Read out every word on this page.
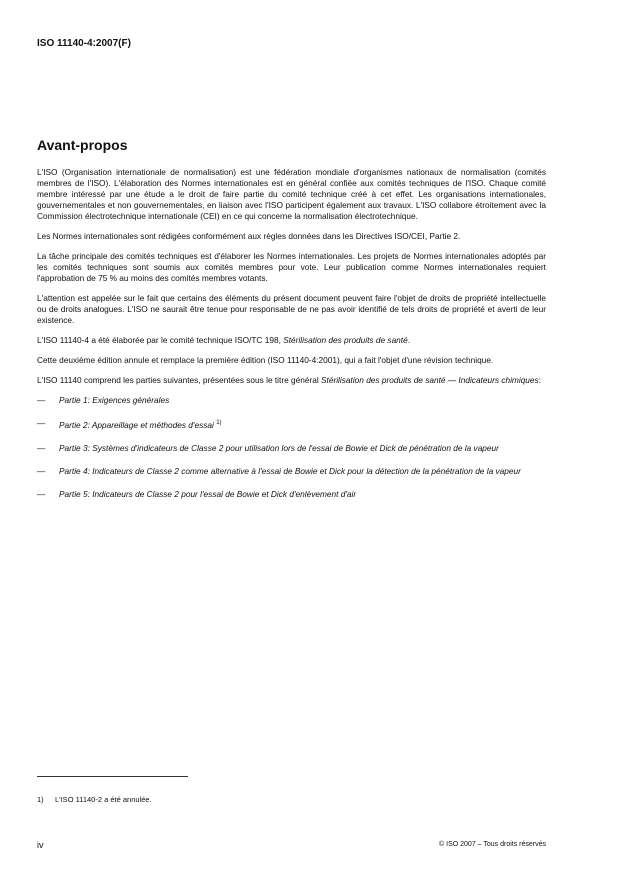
ISO 11140-4:2007(F)
Avant-propos

L'ISO (Organisation internationale de normalisation) est une fédération mondiale d'organismes nationaux de normalisation (comités membres de l'ISO). L'élaboration des Normes internationales est en général confiée aux comités techniques de l'ISO. Chaque comité membre intéressé par une étude a le droit de faire partie du comité technique créé à cet effet. Les organisations internationales, gouvernementales et non gouvernementales, en liaison avec l'ISO participent également aux travaux. L'ISO collabore étroitement avec la Commission électrotechnique internationale (CEI) en ce qui concerne la normalisation électrotechnique.

Les Normes internationales sont rédigées conformément aux règles données dans les Directives ISO/CEI, Partie 2.

La tâche principale des comités techniques est d'élaborer les Normes internationales. Les projets de Normes internationales adoptés par les comités techniques sont soumis aux comités membres pour vote. Leur publication comme Normes internationales requiert l'approbation de 75 % au moins des comités membres votants.

L'attention est appelée sur le fait que certains des éléments du présent document peuvent faire l'objet de droits de propriété intellectuelle ou de droits analogues. L'ISO ne saurait être tenue pour responsable de ne pas avoir identifié de tels droits de propriété et averti de leur existence.

L'ISO 11140-4 a été élaborée par le comité technique ISO/TC 198, Stérilisation des produits de santé.

Cette deuxième édition annule et remplace la première édition (ISO 11140-4:2001), qui a fait l'objet d'une révision technique.

L'ISO 11140 comprend les parties suivantes, présentées sous le titre général Stérilisation des produits de santé — Indicateurs chimiques:

— Partie 1: Exigences générales
— Partie 2: Appareillage et méthodes d'essai $^{1)}$
— Partie 3: Systèmes d'indicateurs de Classe 2 pour utilisation lors de l'essai de Bowie et Dick de pénétration de la vapeur
— Partie 4: Indicateurs de Classe 2 comme alternative à l'essai de Bowie et Dick pour la détection de la pénétration de la vapeur
— Partie 5: Indicateurs de Classe 2 pour l'essai de Bowie et Dick d'enlèvement d'air
1) L'ISO 11140-2 a été annulée.
iv	© ISO 2007 – Tous droits réservés
